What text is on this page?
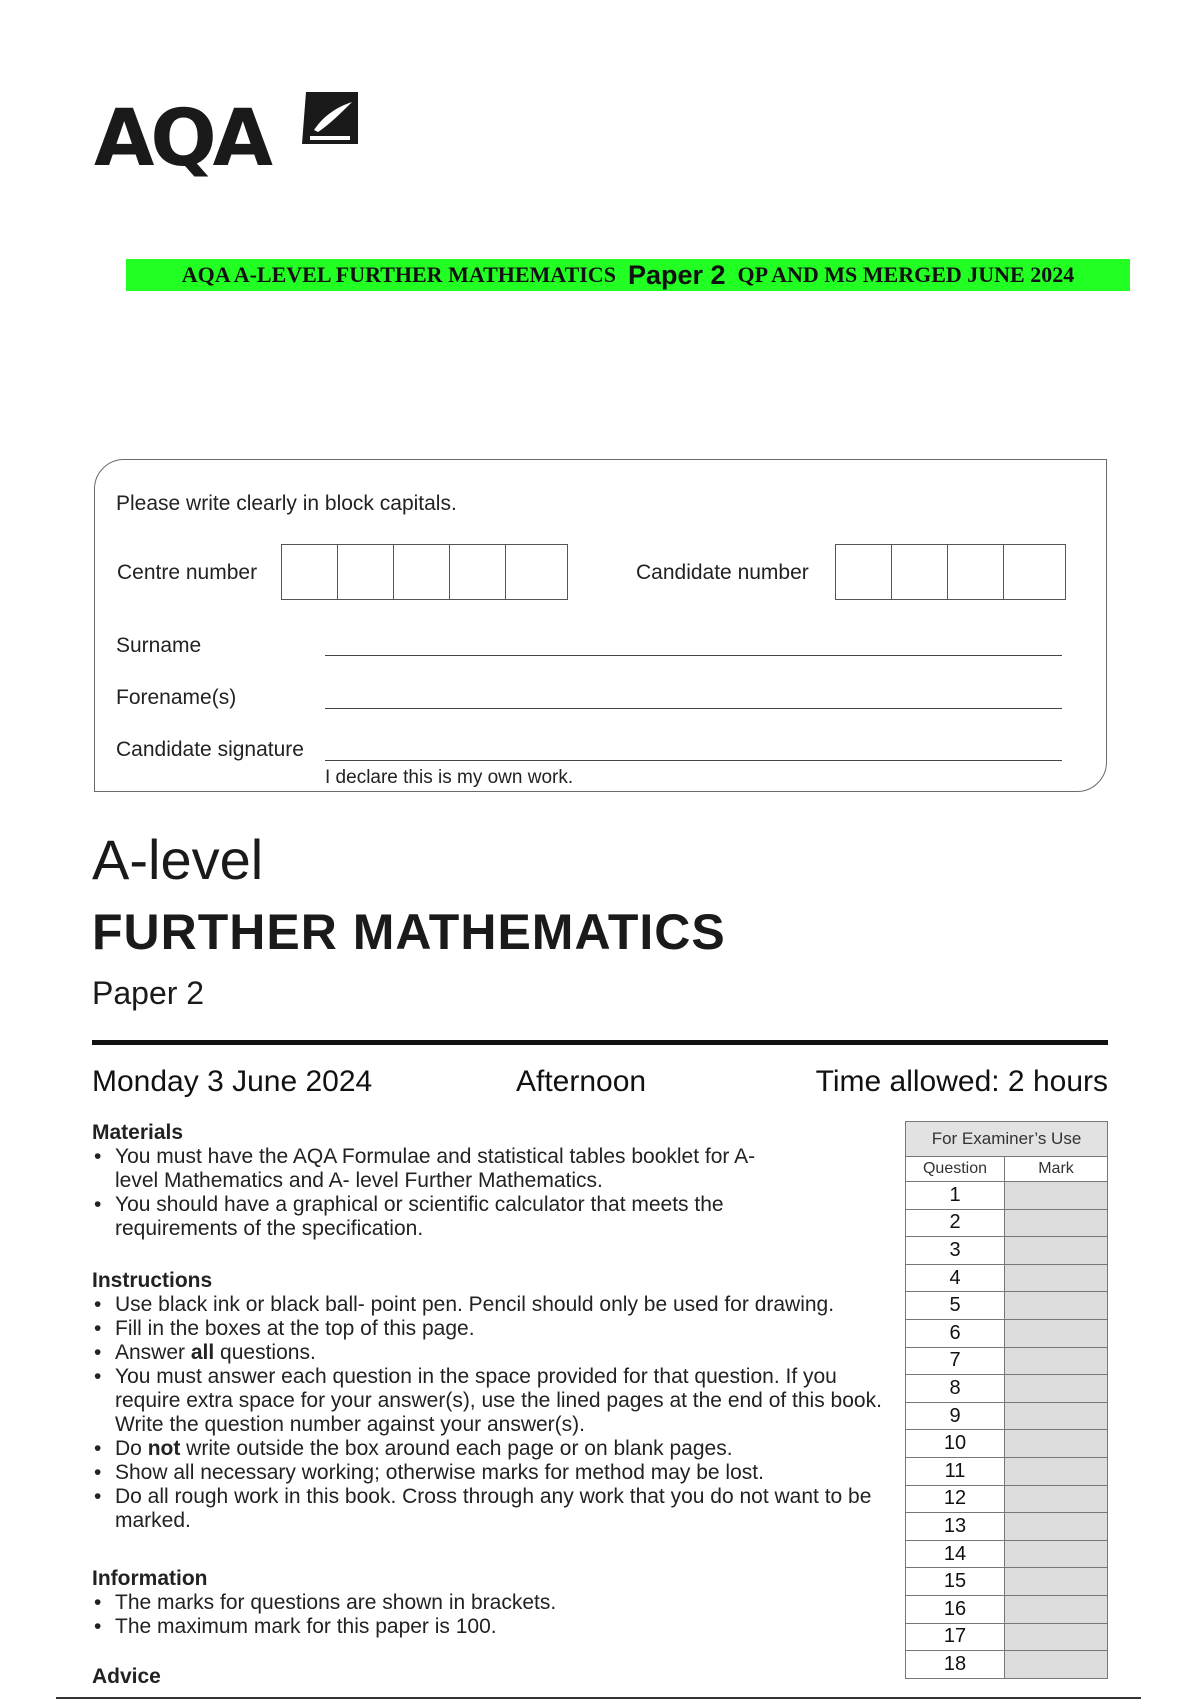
AQA
AQA A-LEVEL FURTHER MATHEMATICS Paper 2 QP AND MS MERGED JUNE 2024
Please write clearly in block capitals.
Centre number	Candidate number
Surname
Forename(s)
Candidate signature
I declare this is my own work.
A-level
FURTHER MATHEMATICS
Paper 2
Monday 3 June 2024	Afternoon	Time allowed: 2 hours
Materials
• You must have the AQA Formulae and statistical tables booklet for A- level Mathematics and A- level Further Mathematics.
• You should have a graphical or scientific calculator that meets the requirements of the specification.
Instructions
• Use black ink or black ball- point pen. Pencil should only be used for drawing.
• Fill in the boxes at the top of this page.
• Answer all questions.
• You must answer each question in the space provided for that question. If you require extra space for your answer(s), use the lined pages at the end of this book. Write the question number against your answer(s).
• Do not write outside the box around each page or on blank pages.
• Show all necessary working; otherwise marks for method may be lost.
• Do all rough work in this book. Cross through any work that you do not want to be marked.
Information
• The marks for questions are shown in brackets.
• The maximum mark for this paper is 100.
Advice
For Examiner’s Use	
Question	Mark
1	
2	
3	
4	
5	
6	
7	
8	
9	
10	
11	
12	
13	
14	
15	
16	
17	
18	
